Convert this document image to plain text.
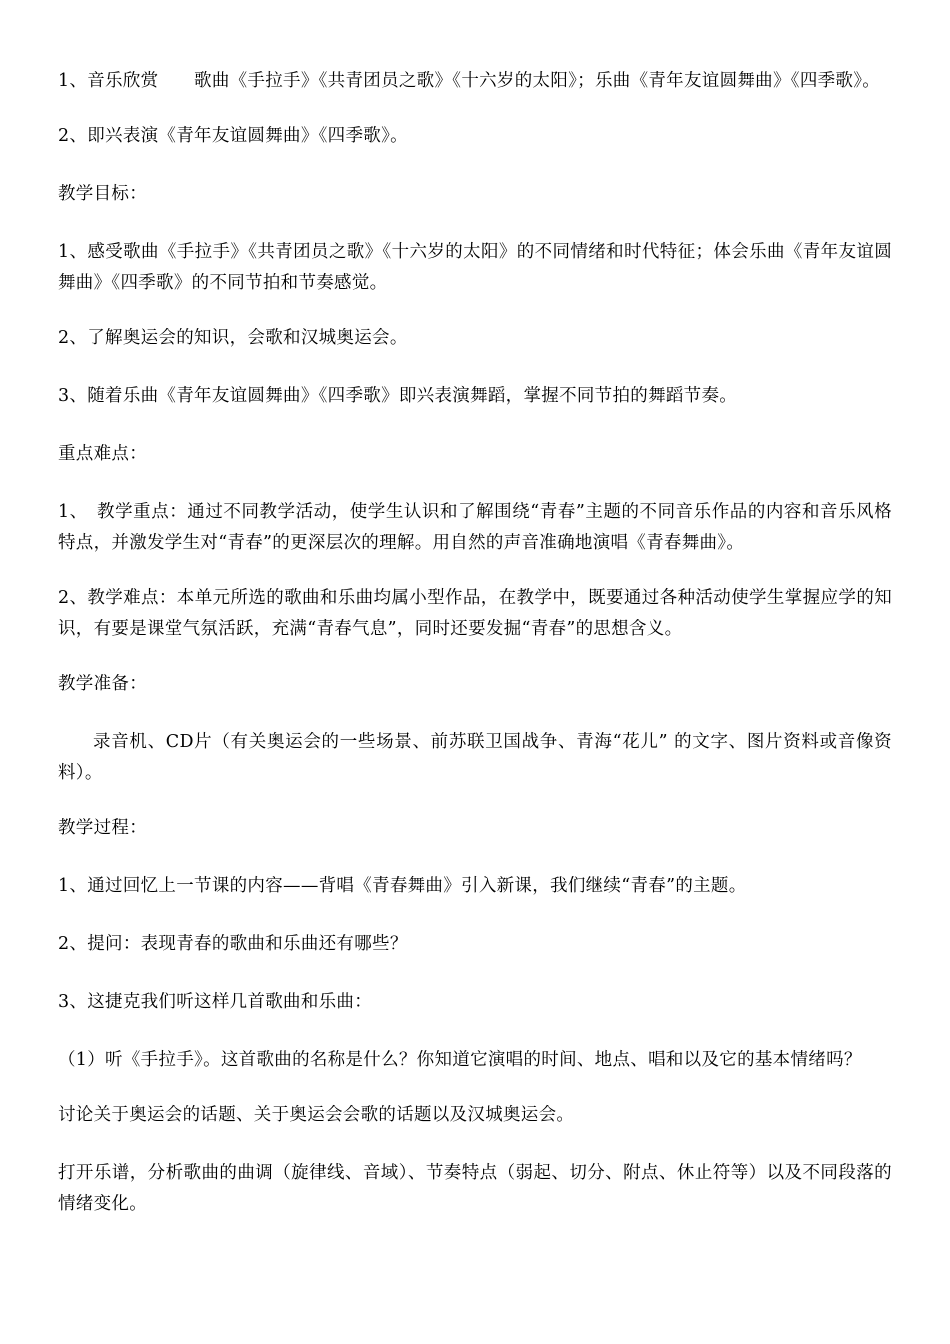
1、音乐欣赏　　歌曲《手拉手》《共青团员之歌》《十六岁的太阳》；乐曲《青年友谊圆舞曲》《四季歌》。

2、即兴表演《青年友谊圆舞曲》《四季歌》。

教学目标：

1、感受歌曲《手拉手》《共青团员之歌》《十六岁的太阳》的不同情绪和时代特征；体会乐曲《青年友谊圆舞曲》《四季歌》的不同节拍和节奏感觉。

2、了解奥运会的知识，会歌和汉城奥运会。

3、随着乐曲《青年友谊圆舞曲》《四季歌》即兴表演舞蹈，掌握不同节拍的舞蹈节奏。

重点难点：

1、　教学重点：通过不同教学活动，使学生认识和了解围绕“青春”主题的不同音乐作品的内容和音乐风格特点，并激发学生对“青春”的更深层次的理解。用自然的声音准确地演唱《青春舞曲》。

2、教学难点：本单元所选的歌曲和乐曲均属小型作品，在教学中，既要通过各种活动使学生掌握应学的知识，有要是课堂气氛活跃，充满“青春气息”，同时还要发掘“青春”的思想含义。

教学准备：

录音机、CD片（有关奥运会的一些场景、前苏联卫国战争、青海“花儿” 的文字、图片资料或音像资料）。

教学过程：

1、通过回忆上一节课的内容——背唱《青春舞曲》引入新课，我们继续“青春”的主题。

2、提问：表现青春的歌曲和乐曲还有哪些？

3、这捷克我们听这样几首歌曲和乐曲：

（1）听《手拉手》。这首歌曲的名称是什么？你知道它演唱的时间、地点、唱和以及它的基本情绪吗？

讨论关于奥运会的话题、关于奥运会会歌的话题以及汉城奥运会。

打开乐谱，分析歌曲的曲调（旋律线、音域）、节奏特点（弱起、切分、附点、休止符等）以及不同段落的情绪变化。
